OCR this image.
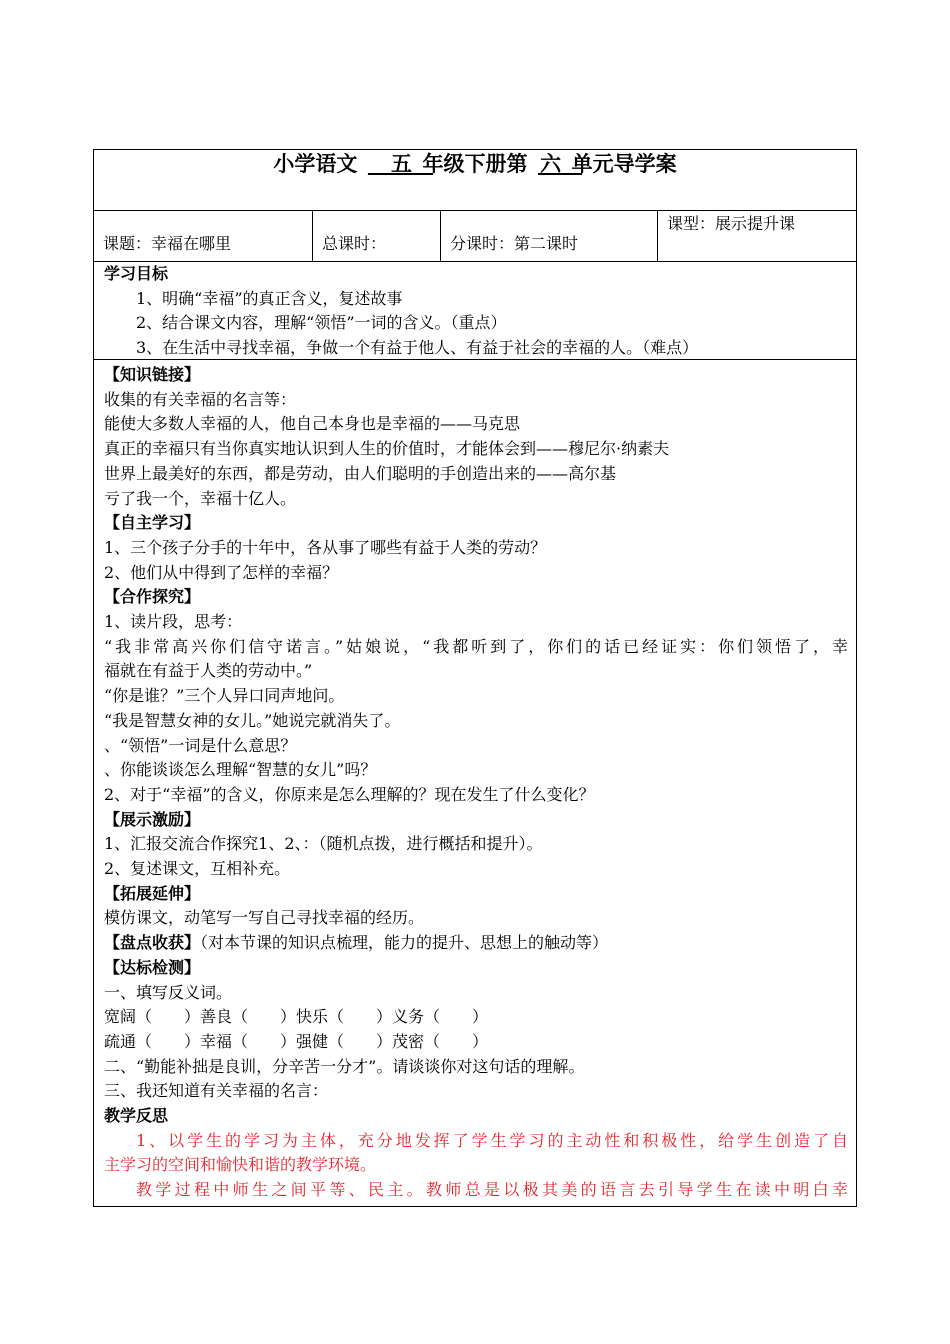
小学语文　  五　 年级下册第  六　 单元导学案
课题：幸福在哪里	总课时：	分课时：第二课时
课型：展示提升课
学习目标
1、明确“幸福”的真正含义，复述故事
2、结合课文内容，理解“领悟”一词的含义。（重点）
3、在生活中寻找幸福，争做一个有益于他人、有益于社会的幸福的人。（难点）
【知识链接】
收集的有关幸福的名言等：
能使大多数人幸福的人，他自己本身也是幸福的——马克思
真正的幸福只有当你真实地认识到人生的价值时，才能体会到——穆尼尔·纳素夫
世界上最美好的东西，都是劳动，由人们聪明的手创造出来的——高尔基
亏了我一个，幸福十亿人。
【自主学习】
1、三个孩子分手的十年中，各从事了哪些有益于人类的劳动？
2、他们从中得到了怎样的幸福？
【合作探究】
1、读片段，思考：
“我非常高兴你们信守诺言。”姑娘说，“我都听到了，你们的话已经证实：你们领悟了，幸
福就在有益于人类的劳动中。”
“你是谁？”三个人异口同声地问。
“我是智慧女神的女儿。”她说完就消失了。
、“领悟”一词是什么意思？
、你能谈谈怎么理解“智慧的女儿”吗？
2、对于“幸福”的含义，你原来是怎么理解的？现在发生了什么变化？
【展示激励】
1、汇报交流合作探究1、2、：（随机点拨，进行概括和提升）。
2、复述课文，互相补充。
【拓展延伸】
模仿课文，动笔写一写自己寻找幸福的经历。
【盘点收获】（对本节课的知识点梳理，能力的提升、思想上的触动等）
【达标检测】
一、填写反义词。
宽阔（　　）善良（　　）快乐（　　）义务（　　）
疏通（　　）幸福（　　）强健（　　）茂密（　　）
二、“勤能补拙是良训，分辛苦一分才”。请谈谈你对这句话的理解。
三、我还知道有关幸福的名言：
教学反思
1、以学生的学习为主体，充分地发挥了学生学习的主动性和积极性，给学生创造了自
主学习的空间和愉快和谐的教学环境。
教学过程中师生之间平等、民主。教师总是以极其美的语言去引导学生在读中明白幸
